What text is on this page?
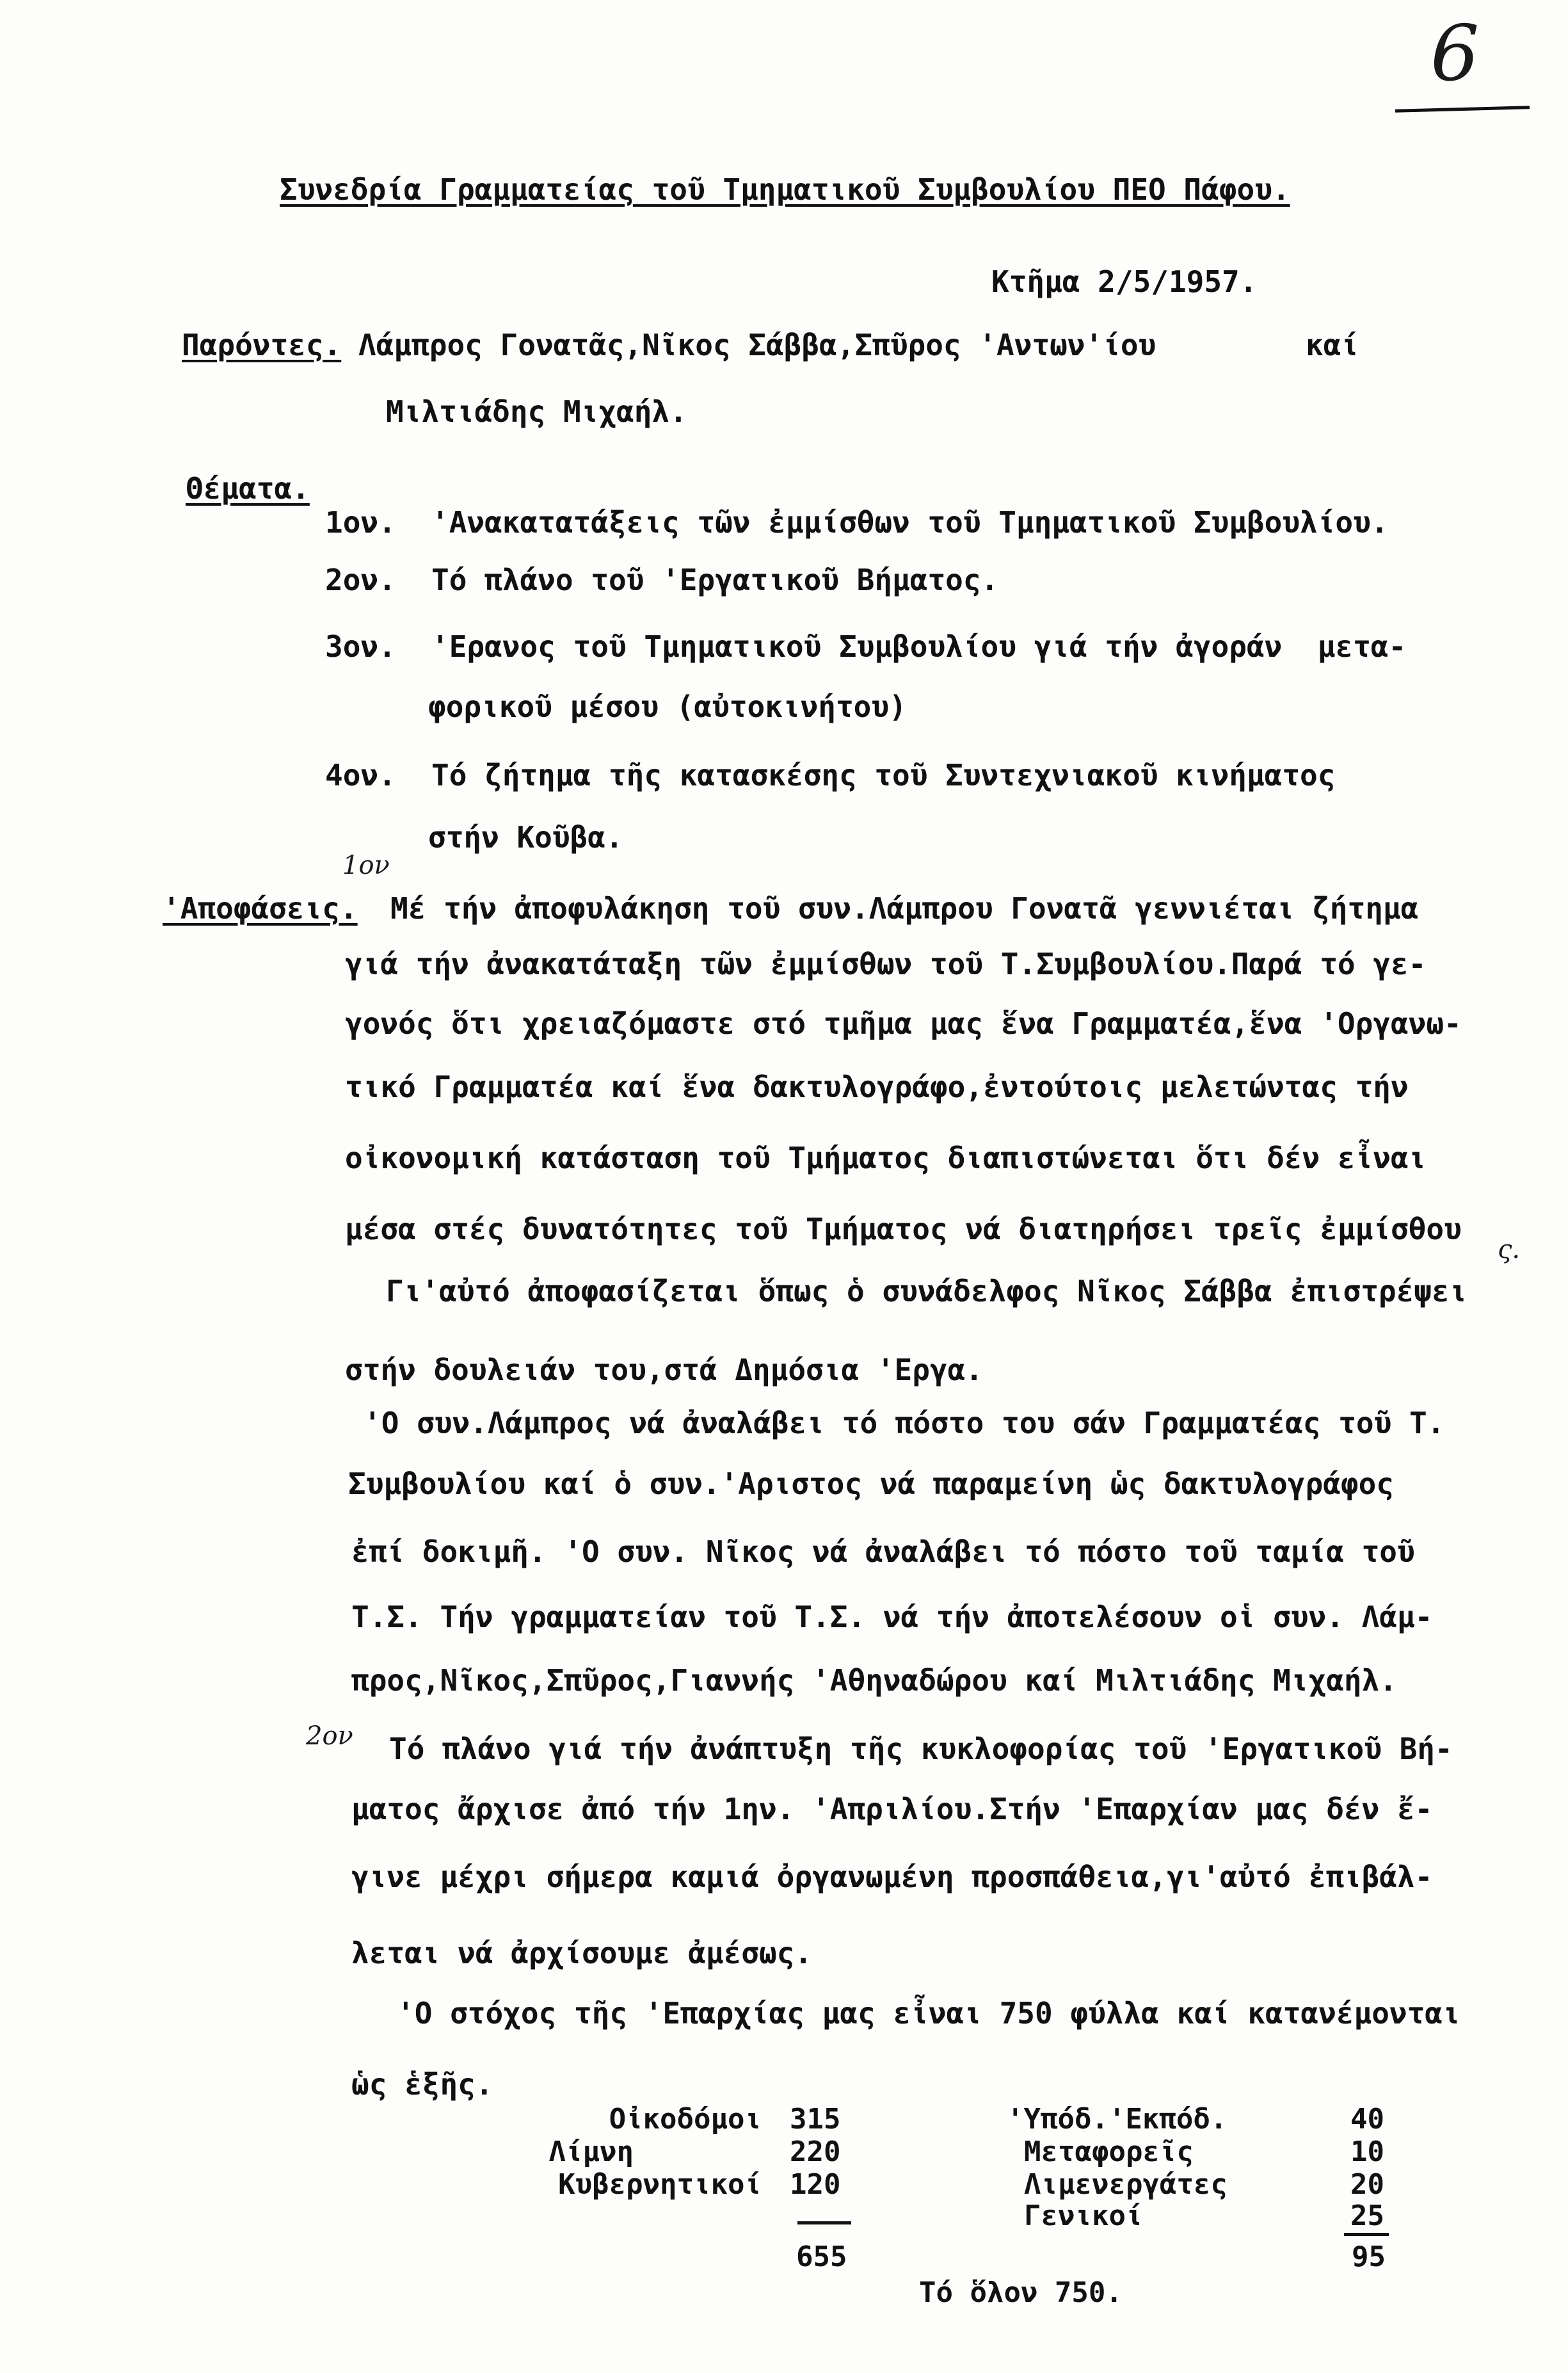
6
Συνεδρία Γραμματείας τοῦ Τμηματικοῦ Συμβουλίου ΠΕΟ Πάφου.
Κτῆμα 2/5/1957.
Παρόντες. Λάμπρος Γονατᾶς,Νῖκος Σάββα,Σπῦρος 'Αντων'ίου	καί
Μιλτιάδης Μιχαήλ.
Θέματα.
1ον. 'Ανακατατάξεις τῶν ἐμμίσθων τοῦ Τμηματικοῦ Συμβουλίου.
2ον. Τό πλάνο τοῦ 'Εργατικοῦ Βήματος.
3ον. 'Ερανος τοῦ Τμηματικοῦ Συμβουλίου γιά τήν ἀγοράν  μετα-
φορικοῦ μέσου (αὐτοκινήτου)
4ον. Τό ζήτημα τῆς κατασκέσης τοῦ Συντεχνιακοῦ κινήματος
στήν Κοῦβα.
1ον
'Αποφάσεις. Μέ τήν ἀποφυλάκηση τοῦ συν.Λάμπρου Γονατᾶ γεννιέται ζήτημα
γιά τήν ἀνακατάταξη τῶν ἐμμίσθων τοῦ Τ.Συμβουλίου.Παρά τό γε-
γονός ὅτι χρειαζόμαστε στό τμῆμα μας ἕνα Γραμματέα,ἕνα 'Οργανω-
τικό Γραμματέα καί ἕνα δακτυλογράφο,ἐντούτοις μελετώντας τήν
οἰκονομική κατάσταση τοῦ Τμήματος διαπιστώνεται ὅτι δέν εἶναι
μέσα στές δυνατότητες τοῦ Τμήματος νά διατηρήσει τρεῖς ἐμμίσθου
ς.
Γι'αὐτό ἀποφασίζεται ὅπως ὁ συνάδελφος Νῖκος Σάββα ἐπιστρέψει
στήν δουλειάν του,στά Δημόσια 'Εργα.
'Ο συν.Λάμπρος νά ἀναλάβει τό πόστο του σάν Γραμματέας τοῦ Τ.
Συμβουλίου καί ὁ συν.'Αριστος νά παραμείνη ὡς δακτυλογράφος
ἐπί δοκιμῆ. 'Ο συν. Νῖκος νά ἀναλάβει τό πόστο τοῦ ταμία τοῦ
Τ.Σ. Τήν γραμματείαν τοῦ Τ.Σ. νά τήν ἀποτελέσουν οἱ συν. Λάμ-
προς,Νῖκος,Σπῦρος,Γιαννής 'Αθηναδώρου καί Μιλτιάδης Μιχαήλ.
2ον Τό πλάνο γιά τήν ἀνάπτυξη τῆς κυκλοφορίας τοῦ 'Εργατικοῦ Βή-
ματος ἄρχισε ἀπό τήν 1ην. 'Απριλίου.Στήν 'Επαρχίαν μας δέν ἔ-
γινε μέχρι σήμερα καμιά ὀργανωμένη προσπάθεια,γι'αὐτό ἐπιβάλ-
λεται νά ἀρχίσουμε ἀμέσως.
'Ο στόχος τῆς 'Επαρχίας μας εἶναι 750 φύλλα καί κατανέμονται
ὡς ἑξῆς.
Οἰκοδόμοι 315
Λίμνη	220
Κυβερνητικοί 120
655
'Υπόδ.'Εκπόδ.	40
Μεταφορεῖς	10
Λιμενεργάτες	20
Γενικοί	25
95
Τό ὅλον 750.
